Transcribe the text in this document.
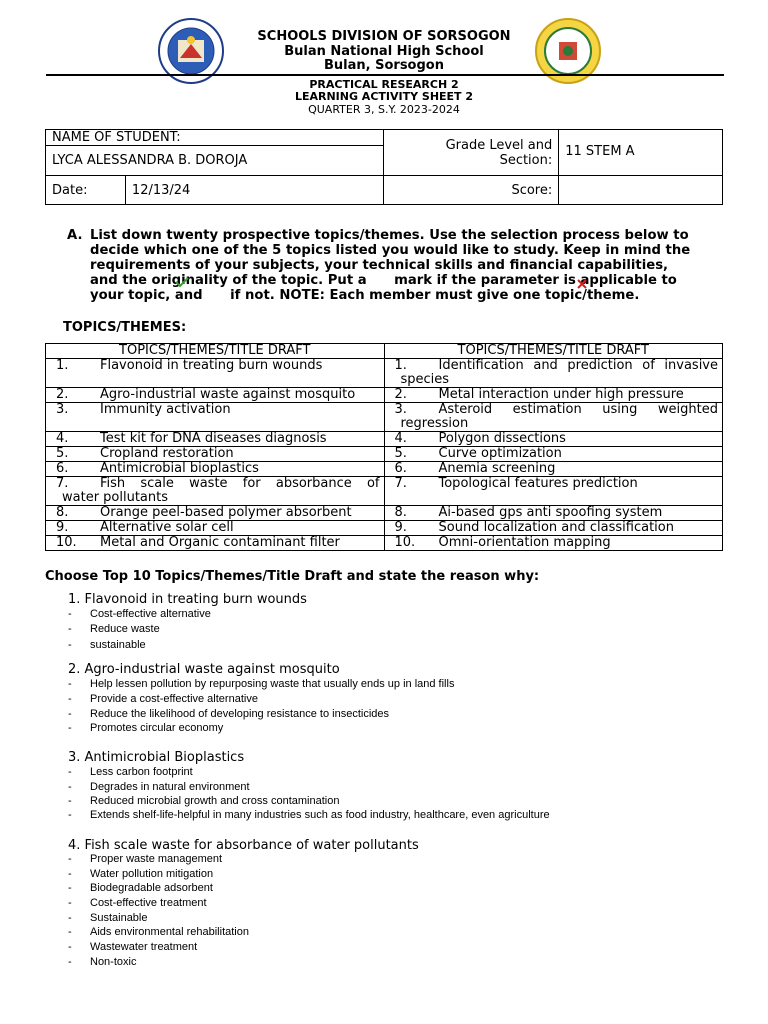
SCHOOLS DIVISION OF SORSOGON
Bulan National High School
Bulan, Sorsogon
PRACTICAL RESEARCH 2
LEARNING ACTIVITY SHEET 2
QUARTER 3, S.Y. 2023-2024
NAME OF STUDENT:		Grade Level and
Section:	11 STEM A
LYCA ALESSANDRA B. DOROJA			
Date:	12/13/24	Score:	
A. List down twenty prospective topics/themes. Use the selection process below to
decide which one of the 5 topics listed you would like to study. Keep in mind the
requirements of your subjects, your technical skills and financial capabilities,
and the originality of the topic. Put a      mark if the parameter is applicable to
your topic, and      if not. NOTE: Each member must give one topic/theme.
TOPICS/THEMES:
TOPICS/THEMES/TITLE DRAFT	TOPICS/THEMES/TITLE DRAFT

1. Flavonoid in treating burn wounds	1. Identification and prediction of invasive
species

2. Agro-industrial waste against mosquito	2. Metal interaction under high pressure

3. Immunity activation	3. Asteroid estimation using weighted
regression

4. Test kit for DNA diseases diagnosis	4. Polygon dissections

5. Cropland restoration	5. Curve optimization

6. Antimicrobial bioplastics	6. Anemia screening

7. Fish scale waste for absorbance of
water pollutants	7. Topological features prediction

8. Orange peel-based polymer absorbent	8. Ai-based gps anti spoofing system

9. Alternative solar cell	9. Sound localization and classification

10. Metal and Organic contaminant filter	10. Omni-orientation mapping
Choose Top 10 Topics/Themes/Title Draft and state the reason why:
1. Flavonoid in treating burn wounds
- Cost-effective alternative
- Reduce waste
- sustainable
2. Agro-industrial waste against mosquito
- Help lessen pollution by repurposing waste that usually ends up in land fills
- Provide a cost-effective alternative
- Reduce the likelihood of developing resistance to insecticides
- Promotes circular economy
3. Antimicrobial Bioplastics
- Less carbon footprint
- Degrades in natural environment
- Reduced microbial growth and cross contamination
- Extends shelf-life-helpful in many industries such as food industry, healthcare, even agriculture
4. Fish scale waste for absorbance of water pollutants
- Proper waste management
- Water pollution mitigation
- Biodegradable adsorbent
- Cost-effective treatment
- Sustainable
- Aids environmental rehabilitation
- Wastewater treatment
- Non-toxic
